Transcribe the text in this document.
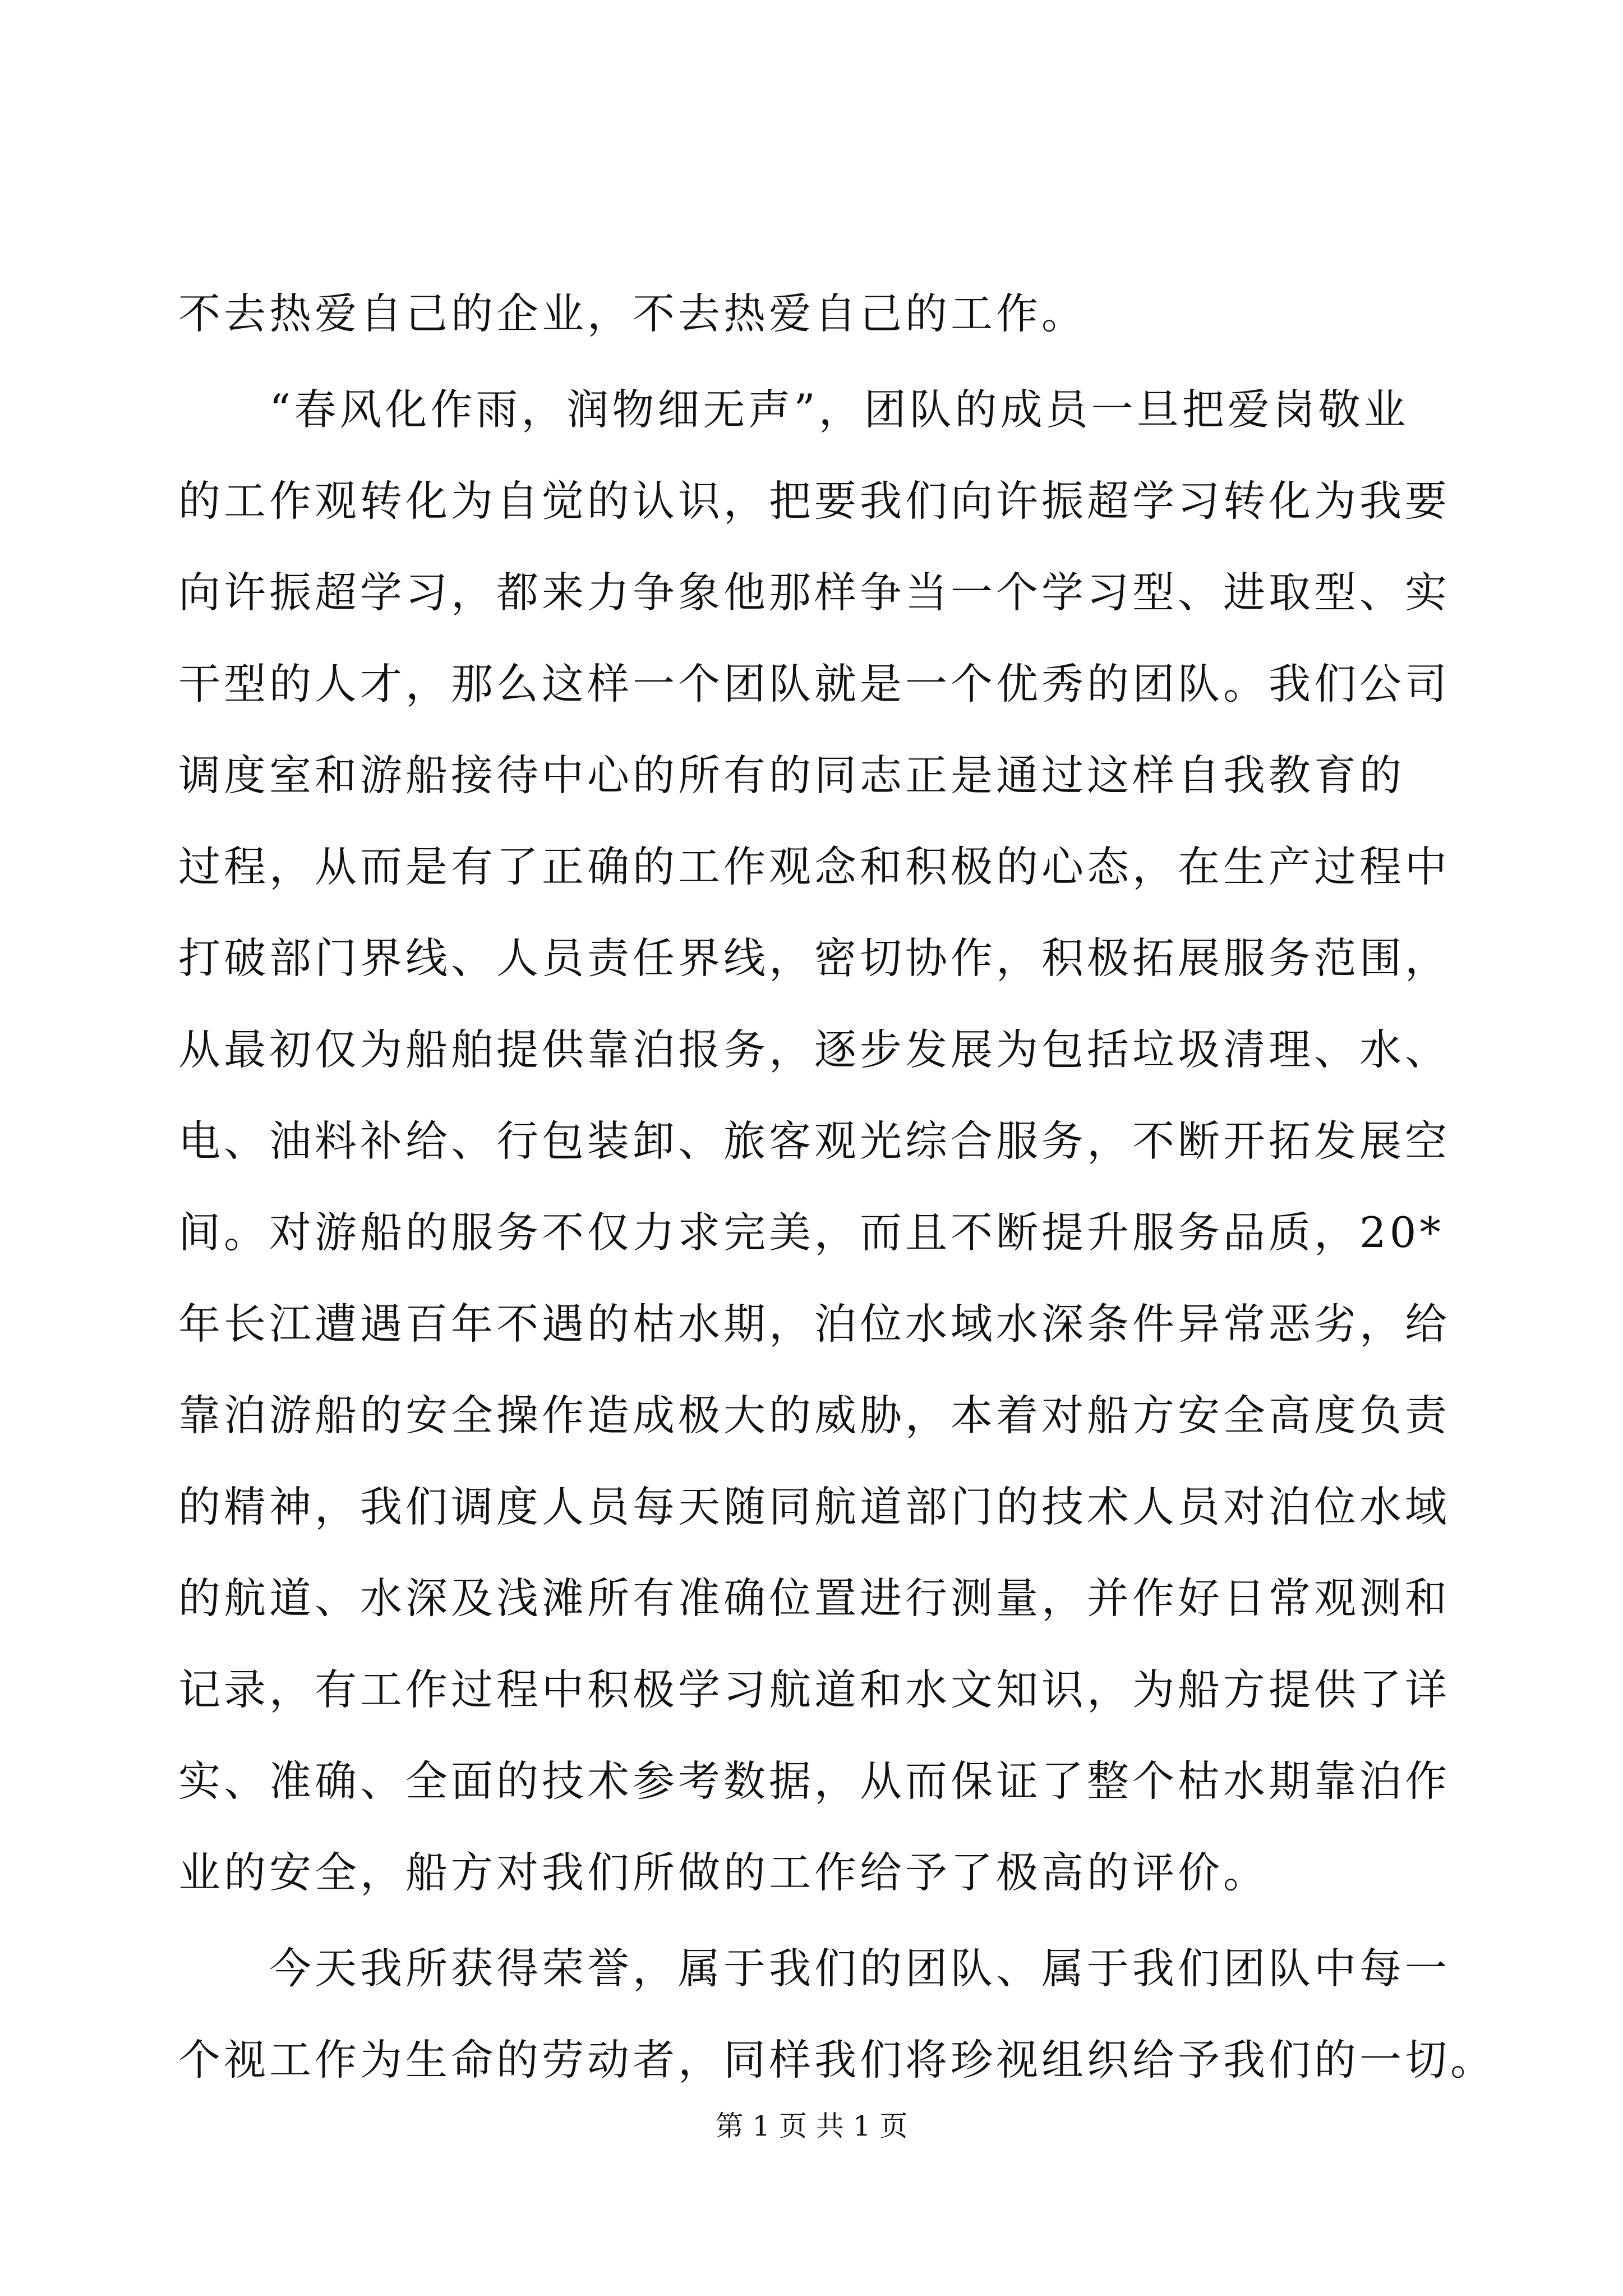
不去热爱自己的企业，不去热爱自己的工作。
“春风化作雨，润物细无声”，团队的成员一旦把爱岗敬业
的工作观转化为自觉的认识，把要我们向许振超学习转化为我要
向许振超学习，都来力争象他那样争当一个学习型、进取型、实
干型的人才，那么这样一个团队就是一个优秀的团队。我们公司
调度室和游船接待中心的所有的同志正是通过这样自我教育的
过程，从而是有了正确的工作观念和积极的心态，在生产过程中
打破部门界线、人员责任界线，密切协作，积极拓展服务范围，
从最初仅为船舶提供靠泊报务，逐步发展为包括垃圾清理、水、
电、油料补给、行包装卸、旅客观光综合服务，不断开拓发展空
间。对游船的服务不仅力求完美，而且不断提升服务品质，20*
年长江遭遇百年不遇的枯水期，泊位水域水深条件异常恶劣，给
靠泊游船的安全操作造成极大的威胁，本着对船方安全高度负责
的精神，我们调度人员每天随同航道部门的技术人员对泊位水域
的航道、水深及浅滩所有准确位置进行测量，并作好日常观测和
记录，有工作过程中积极学习航道和水文知识，为船方提供了详
实、准确、全面的技术参考数据，从而保证了整个枯水期靠泊作
业的安全，船方对我们所做的工作给予了极高的评价。
今天我所获得荣誉，属于我们的团队、属于我们团队中每一
个视工作为生命的劳动者，同样我们将珍视组织给予我们的一切。
第 1 页 共 1 页
